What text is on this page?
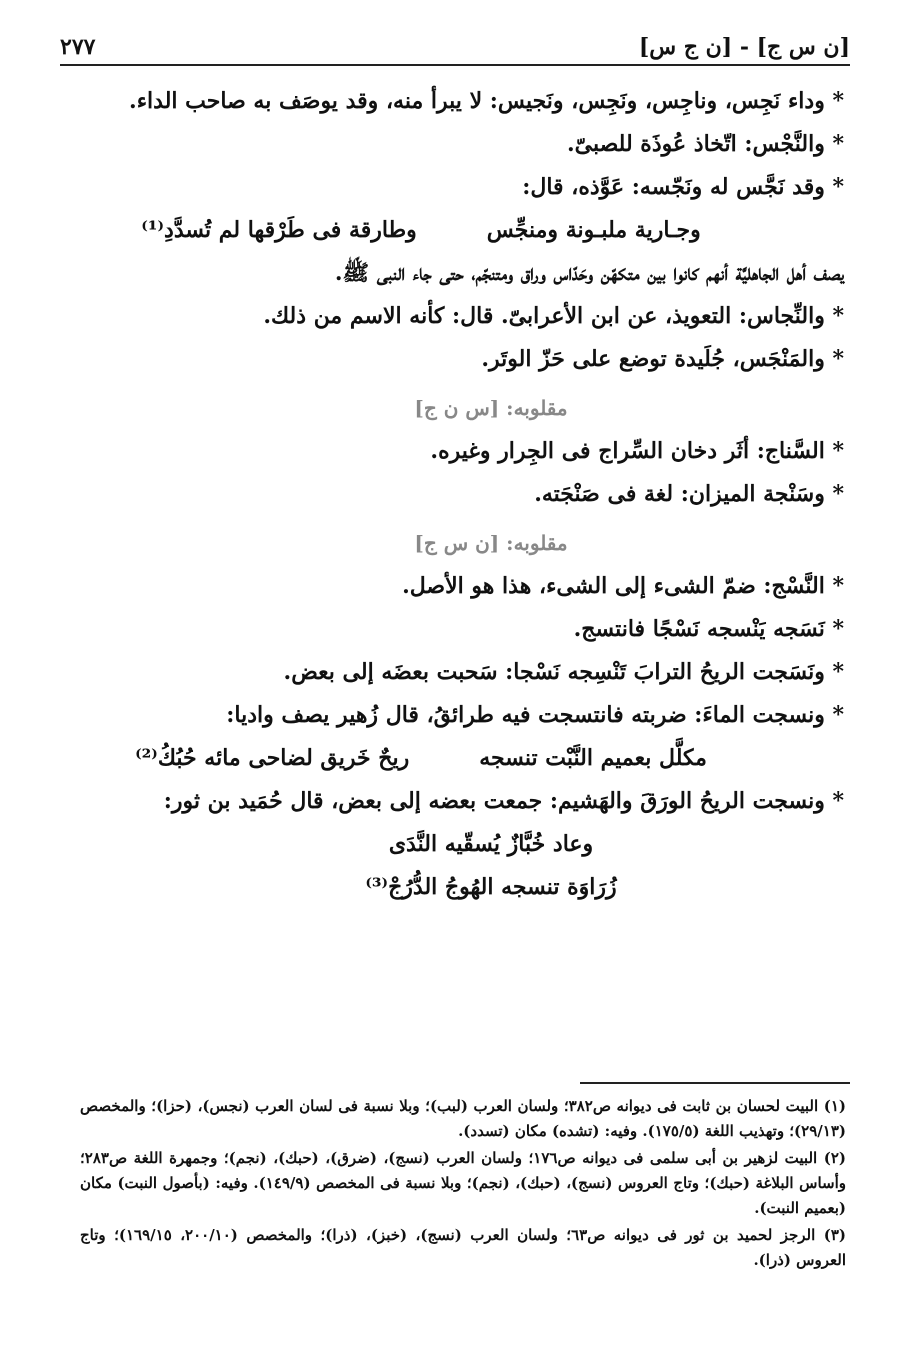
٢٧٧	[ن ج س] - [ن س ج]

* وداء نَجِس، وناجِس، ونَجِس، ونَجيس: لا يبرأ منه، وقد يوصَف به صاحب الداء.

* والنَّجْس: اتّخاذ عُوذَة للصبىّ.

* وقد نَجَّس له ونَجّسه: عَوَّذه، قال:

وجـارية ملبـونة ومنجِّس
وطارقة فى طَرْقها لم تُسدَّدِ⁽¹⁾

يصف أهل الجاهليَّة أنهم كانوا بين متكهّن وحَدّاس وراق ومتنجّم، حتى جاء النبى ﷺ.

* والنِّجاس: التعويذ، عن ابن الأعرابىّ. قال: كأنه الاسم من ذلك.

* والمَنْجَس، جُلَيدة توضع على حَزّ الوتَر.

مقلوبه: [س ن ج]

* السَّناج: أثَر دخان السِّراج فى الجِرار وغيره.

* وسَنْجة الميزان: لغة فى صَنْجَته.

مقلوبه: [ن س ج]

* النَّسْج: ضمّ الشىء إلى الشىء، هذا هو الأصل.

* نَسَجه يَنْسجه نَسْجًا فانتسج.

* ونَسَجت الريحُ الترابَ تَنْسِجه نَسْجا: سَحبت بعضَه إلى بعض.

* ونسجت الماءَ: ضربته فانتسجت فيه طرائقُ، قال زُهير يصف واديا:

مكلَّل بعميم النَّبْت تنسجه
ريحٌ خَريق لضاحى مائه حُبُكُ⁽²⁾

* ونسجت الريحُ الورَقَ والهَشيم: جمعت بعضه إلى بعض، قال حُمَيد بن ثور:

وعاد خُبَّازٌ يُسقّيه النَّدَى

زُرَاوَة تنسجه الهُوجُ الدُّرُجْ⁽³⁾

(١) البيت لحسان بن ثابت فى ديوانه ص٣٨٢؛ ولسان العرب (لبب)؛ وبلا نسبة فى لسان العرب (نجس)، (حزا)؛ والمخصص (٢٩/١٣)؛ وتهذيب اللغة (١٧٥/٥). وفيه: (تشده) مكان (تسدد).

(٢) البيت لزهير بن أبى سلمى فى ديوانه ص١٧٦؛ ولسان العرب (نسج)، (ضرق)، (حبك)، (نجم)؛ وجمهرة اللغة ص٢٨٣؛ وأساس البلاغة (حبك)؛ وتاج العروس (نسج)، (حبك)، (نجم)؛ وبلا نسبة فى المخصص (١٤٩/٩). وفيه: (بأصول النبت) مكان (بعميم النبت).

(٣) الرجز لحميد بن ثور فى ديوانه ص٦٣؛ ولسان العرب (نسج)، (خبز)، (ذرا)؛ والمخصص (٢٠٠/١٠، ١٦٩/١٥)؛ وتاج العروس (ذرا).
